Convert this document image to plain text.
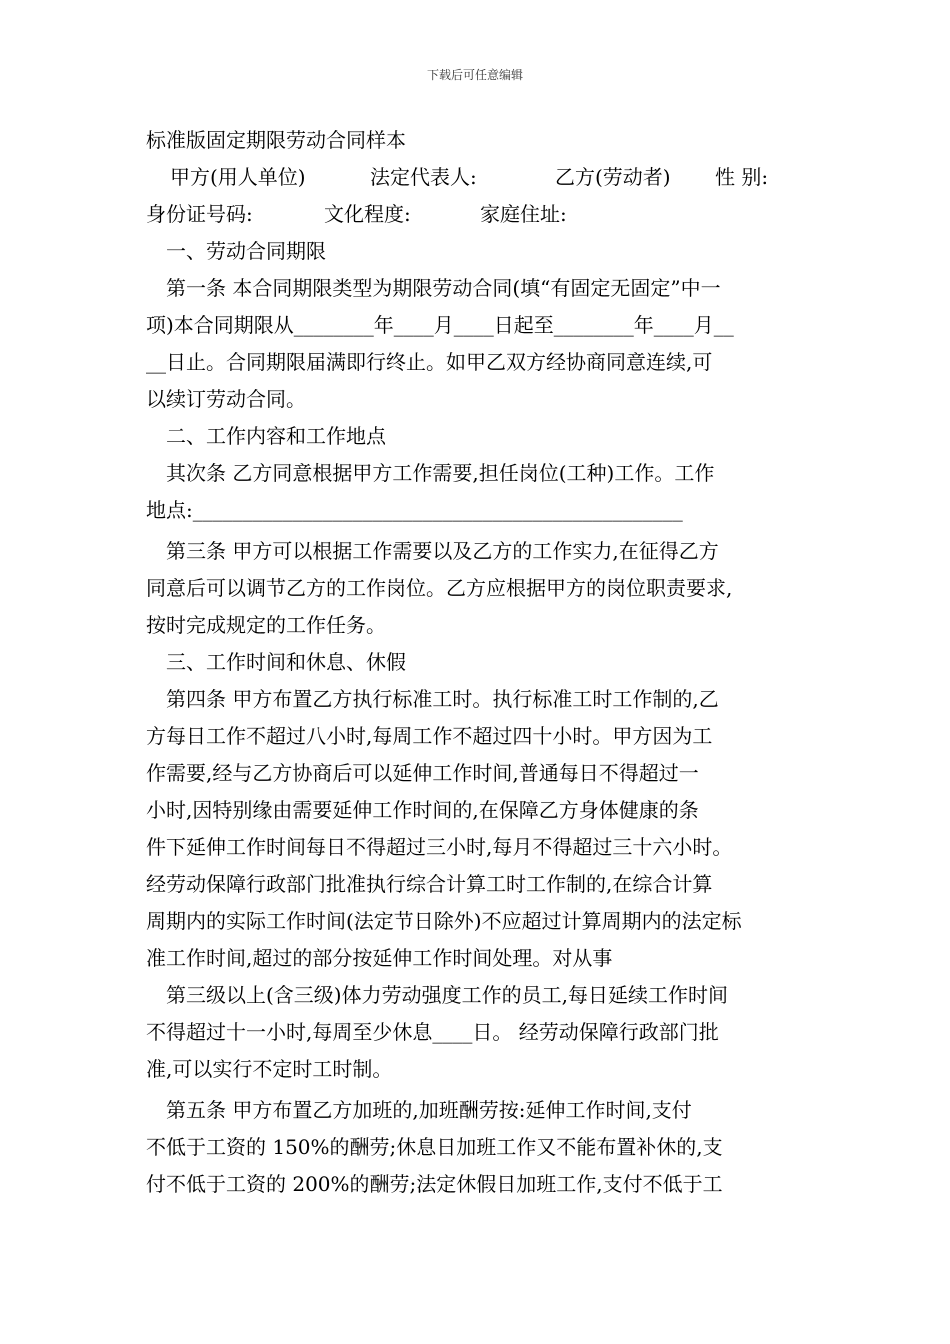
下载后可任意编辑
标准版固定期限劳动合同样本
甲方(用人单位)	法定代表人:	乙方(劳动者)	性 别:
身份证号码:	文化程度:	家庭住址:
一、劳动合同期限
第一条 本合同期限类型为期限劳动合同(填“有固定无固定”中一
项)本合同期限从________年____月____日起至________年____月__
__日止。合同期限届满即行终止。如甲乙双方经协商同意连续,可
以续订劳动合同。
二、工作内容和工作地点
其次条 乙方同意根据甲方工作需要,担任岗位(工种)工作。工作
地点:_________________________________________________
第三条 甲方可以根据工作需要以及乙方的工作实力,在征得乙方
同意后可以调节乙方的工作岗位。乙方应根据甲方的岗位职责要求,
按时完成规定的工作任务。
三、工作时间和休息、休假
第四条 甲方布置乙方执行标准工时。执行标准工时工作制的,乙
方每日工作不超过八小时,每周工作不超过四十小时。甲方因为工
作需要,经与乙方协商后可以延伸工作时间,普通每日不得超过一
小时,因特别缘由需要延伸工作时间的,在保障乙方身体健康的条
件下延伸工作时间每日不得超过三小时,每月不得超过三十六小时。
经劳动保障行政部门批准执行综合计算工时工作制的,在综合计算
周期内的实际工作时间(法定节日除外)不应超过计算周期内的法定标
准工作时间,超过的部分按延伸工作时间处理。对从事
第三级以上(含三级)体力劳动强度工作的员工,每日延续工作时间
不得超过十一小时,每周至少休息____日。 经劳动保障行政部门批
准,可以实行不定时工时制。
第五条 甲方布置乙方加班的,加班酬劳按:延伸工作时间,支付
不低于工资的 150%的酬劳;休息日加班工作又不能布置补休的,支
付不低于工资的 200%的酬劳;法定休假日加班工作,支付不低于工
